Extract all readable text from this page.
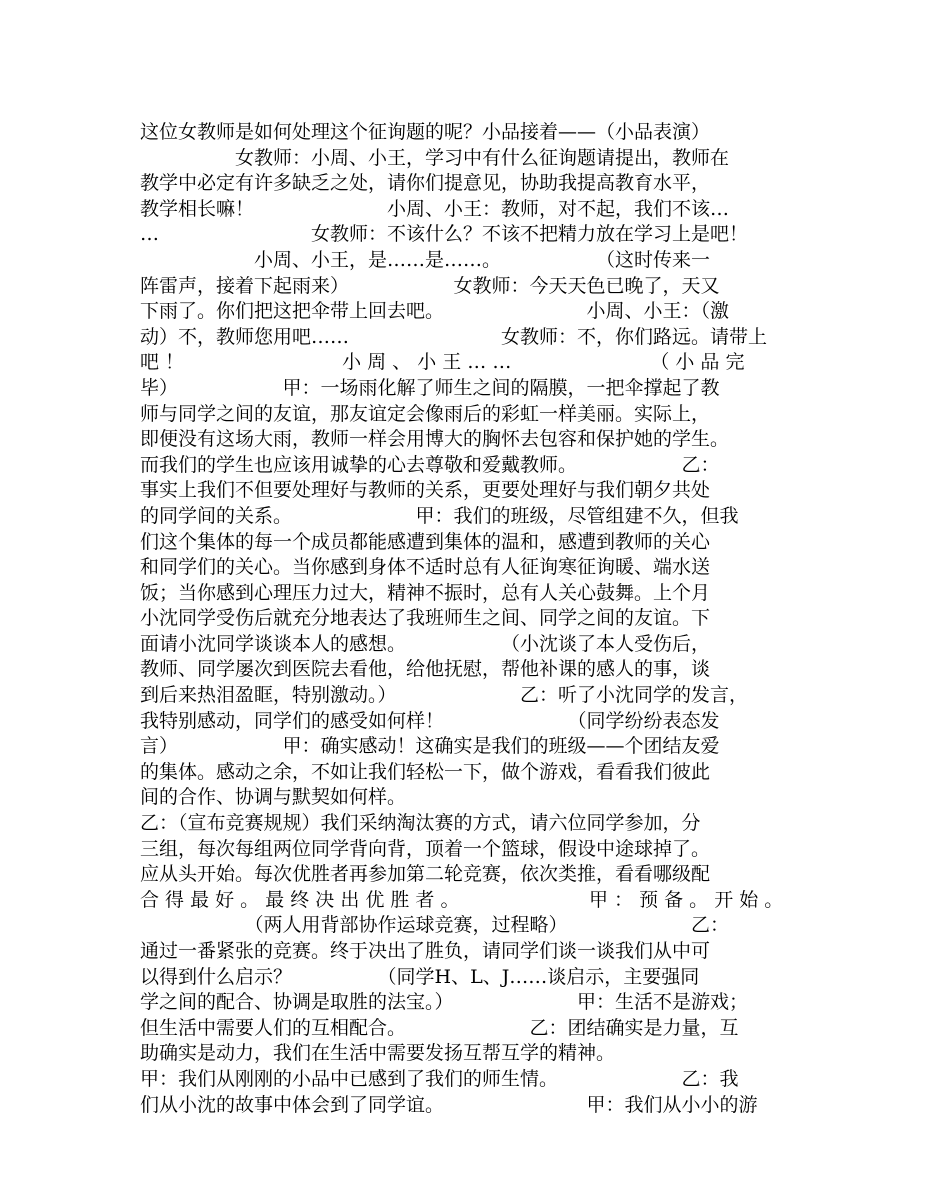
这位女教师是如何处理这个征询题的呢？小品接着——（小品表演）
　　　　　女教师：小周、小王，学习中有什么征询题请提出，教师在
教学中必定有许多缺乏之处，请你们提意见，协助我提高教育水平，
教学相长嘛！　　　　　　　小周、小王：教师，对不起，我们不该…
…　　　　　　　　女教师：不该什么？不该不把精力放在学习上是吧！
　　　　　　小周、小王，是……是……。　　　　　　（这时传来一
阵雷声，接着下起雨来）　　　　　　女教师：今天天色已晚了，天又
下雨了。你们把这把伞带上回去吧。　　　　　　　　小周、小王：（激
动）不，教师您用吧……　　　　　　　　女教师：不，你们路远。请带上
吧 ！　　　　　　　　 小 周 、 小 王 … …　　　　　　　 （ 小 品 完
毕）　　　　　　甲：一场雨化解了师生之间的隔膜，一把伞撑起了教
师与同学之间的友谊，那友谊定会像雨后的彩虹一样美丽。实际上，
即便没有这场大雨，教师一样会用博大的胸怀去包容和保护她的学生。
而我们的学生也应该用诚挚的心去尊敬和爱戴教师。　　　　　　乙：
事实上我们不但要处理好与教师的关系，更要处理好与我们朝夕共处
的同学间的关系。　　　　　　　甲：我们的班级，尽管组建不久，但我
们这个集体的每一个成员都能感遭到集体的温和，感遭到教师的关心
和同学们的关心。当你感到身体不适时总有人征询寒征询暖、端水送
饭；当你感到心理压力过大，精神不振时，总有人关心鼓舞。上个月
小沈同学受伤后就充分地表达了我班师生之间、同学之间的友谊。下
面请小沈同学谈谈本人的感想。　　　　　　（小沈谈了本人受伤后，
教师、同学屡次到医院去看他，给他抚慰，帮他补课的感人的事，谈
到后来热泪盈眶，特别激动。）　　　　　　　乙：听了小沈同学的发言，
我特别感动，同学们的感受如何样！　　　　　　　（同学纷纷表态发
言）　　　　　　甲：确实感动！这确实是我们的班级——个团结友爱
的集体。感动之余，不如让我们轻松一下，做个游戏，看看我们彼此
间的合作、协调与默契如何样。
乙：（宣布竞赛规规）我们采纳淘汰赛的方式，请六位同学参加，分
三组，每次每组两位同学背向背，顶着一个篮球，假设中途球掉了。
应从头开始。每次优胜者再参加第二轮竞赛，依次类推，看看哪级配
合 得 最 好 。 最 终 决 出 优 胜 者 。　　　　　　　 甲 ： 预 备 。 开 始 。
　　　　　　（两人用背部协作运球竞赛，过程略）　　　　　　　乙：
通过一番紧张的竞赛。终于决出了胜负，请同学们谈一谈我们从中可
以得到什么启示？　　　　　（同学H、L、J……谈启示，主要强同
学之间的配合、协调是取胜的法宝。）　　　　　　　甲：生活不是游戏；
但生活中需要人们的互相配合。　　　　　　　乙：团结确实是力量，互
助确实是动力，我们在生活中需要发扬互帮互学的精神。
甲：我们从刚刚的小品中已感到了我们的师生情。　　　　　　　乙：我
们从小沈的故事中体会到了同学谊。　　　　　　　　甲：我们从小小的游
